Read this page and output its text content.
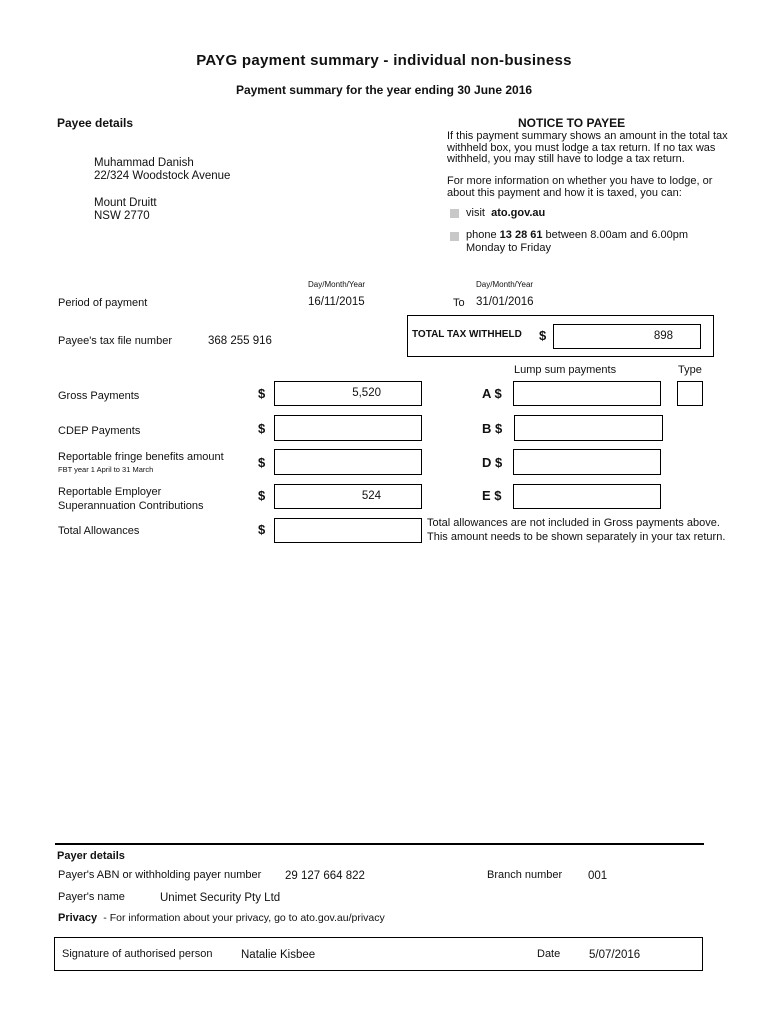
PAYG payment summary - individual non-business
Payment summary for the year ending 30 June 2016
Payee details
Muhammad Danish
22/324 Woodstock Avenue
Mount Druitt
NSW 2770
NOTICE TO PAYEE
If this payment summary shows an amount in the total tax withheld box, you must lodge a tax return. If no tax was withheld, you may still have to lodge a tax return.
For more information on whether you have to lodge, or about this payment and how it is taxed, you can:
visit ato.gov.au
phone 13 28 61 between 8.00am and 6.00pm
Monday to Friday
Day/Month/Year	Day/Month/Year
Period of payment	16/11/2015	To 31/01/2016
Payee's tax file number	368 255 916
TOTAL TAX WITHHELD $	898
Lump sum payments	Type
Gross Payments	$	5,520	A $
CDEP Payments	$	B $
Reportable fringe benefits amount
FBT year 1 April to 31 March	$	D $
Reportable Employer
Superannuation Contributions
$	524	E $
Total Allowances	$	Total allowances are not included in Gross payments above.
This amount needs to be shown separately in your tax return.
Payer details
Payer's ABN or withholding payer number 29 127 664 822	Branch number 001
Payer's name	Unimet Security Pty Ltd
Privacy - For information about your privacy, go to ato.gov.au/privacy
Signature of authorised person Natalie Kisbee	Date	5/07/2016
